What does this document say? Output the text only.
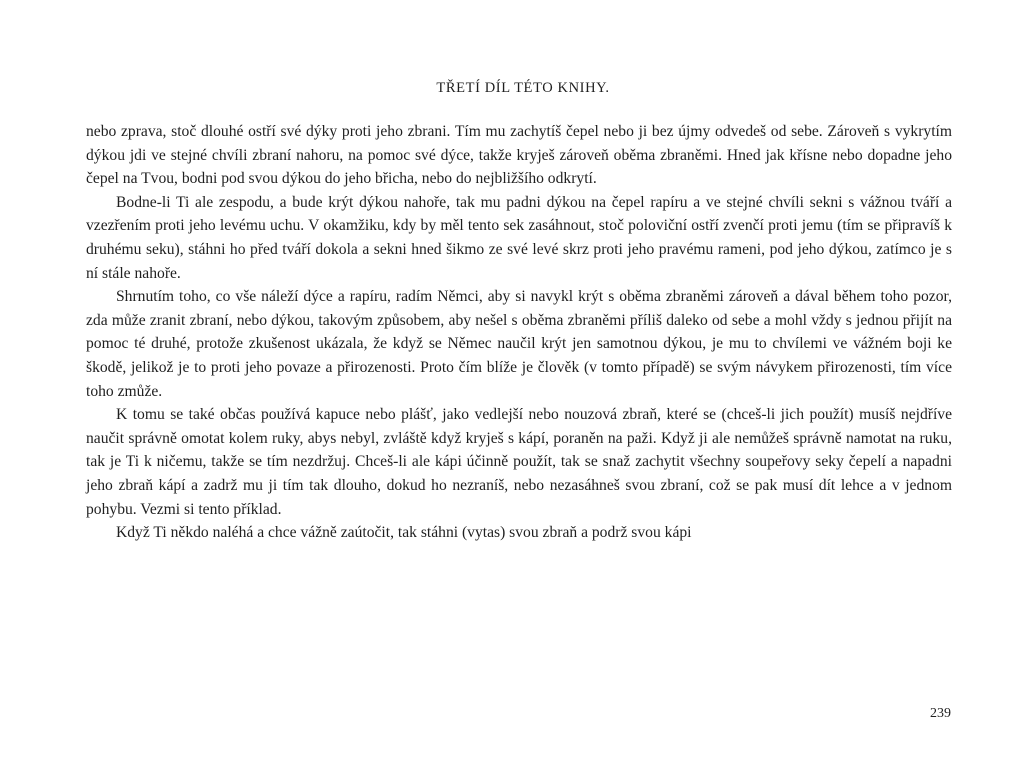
TŘETÍ DÍL TÉTO KNIHY.

nebo zprava, stoč dlouhé ostří své dýky proti jeho zbrani. Tím mu zachytíš čepel nebo ji bez újmy odvedeš od sebe. Zároveň s vykrytím dýkou jdi ve stejné chvíli zbraní nahoru, na pomoc své dýce, takže kryješ zároveň oběma zbraněmi. Hned jak křísne nebo dopadne jeho čepel na Tvou, bodni pod svou dýkou do jeho břicha, nebo do nejbližšího odkrytí.

Bodne-li Ti ale zespodu, a bude krýt dýkou nahoře, tak mu padni dýkou na čepel rapíru a ve stejné chvíli sekni s vážnou tváří a vzezřením proti jeho levému uchu. V okamžiku, kdy by měl tento sek zasáhnout, stoč poloviční ostří zvenčí proti jemu (tím se připravíš k druhému seku), stáhni ho před tváří dokola a sekni hned šikmo ze své levé skrz proti jeho pravému rameni, pod jeho dýkou, zatímco je s ní stále nahoře.

Shrnutím toho, co vše náleží dýce a rapíru, radím Němci, aby si navykl krýt s oběma zbraněmi zároveň a dával během toho pozor, zda může zranit zbraní, nebo dýkou, takovým způsobem, aby nešel s oběma zbraněmi příliš daleko od sebe a mohl vždy s jednou přijít na pomoc té druhé, protože zkušenost ukázala, že když se Němec naučil krýt jen samotnou dýkou, je mu to chvílemi ve vážném boji ke škodě, jelikož je to proti jeho povaze a přirozenosti. Proto čím blíže je člověk (v tomto případě) se svým návykem přirozenosti, tím více toho zmůže.

K tomu se také občas používá kapuce nebo plášť, jako vedlejší nebo nouzová zbraň, které se (chceš-li jich použít) musíš nejdříve naučit správně omotat kolem ruky, abys nebyl, zvláště když kryješ s kápí, poraněn na paži. Když ji ale nemůžeš správně namotat na ruku, tak je Ti k ničemu, takže se tím nezdržuj. Chceš-li ale kápi účinně použít, tak se snaž zachytit všechny soupeřovy seky čepelí a napadni jeho zbraň kápí a zadrž mu ji tím tak dlouho, dokud ho nezraníš, nebo nezasáhneš svou zbraní, což se pak musí dít lehce a v jednom pohybu. Vezmi si tento příklad.

Když Ti někdo naléhá a chce vážně zaútočit, tak stáhni (vytas) svou zbraň a podrž svou kápi

239
